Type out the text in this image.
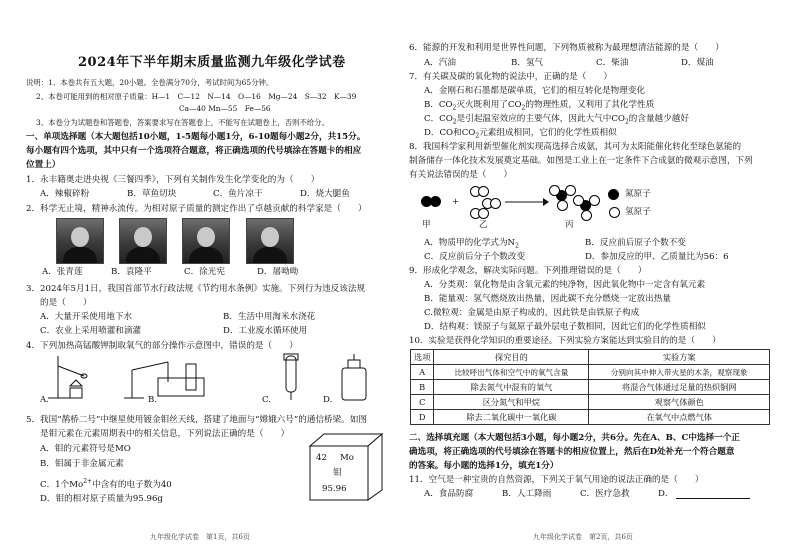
2024年下半年期末质量监测九年级化学试卷
说明：1、本卷共有五大题，20小题。全卷满分70分，考试时间为65分钟。
2、本卷可能用到的相对原子质量：H—1　C—12　N—14　O—16　Mg—24　S—32　K—39
Ca—40 Mn—55　Fe—56
3、本卷分为试题卷和答题卷，答案要求写在答题卷上，不能写在试题卷上，否则不给分。
一、单项选择题（本大题包括10小题，1-5题每小题1分，6-10题每小题2分，共15分。
每小题有四个选项，其中只有一个选项符合题意，将正确选项的代号填涂在答题卡的相应
位置上）
1．永丰籍奥走进央视《三餐四季》，下列有关制作发生化学变化的为（　　）
A．辣椒碎粉	B．草鱼切块	C．鱼片凉干	D．烧大腿鱼
2．科学无止境，精神永流传。为相对原子质量的测定作出了卓越贡献的科学家是（　　）
A．张青莲	B．袁隆平	C．徐光宪	D．屠呦呦
3．2024年5月1日，我国首部节水行政法规《节约用水条例》实施。下列行为违反该法规
的是（　　）
A．大量开采使用地下水	B．生活中用淘米水浇花
C．农业上采用喷灌和滴灌	D．工业废水循环使用
4．下列加热高锰酸钾制取氧气的部分操作示意图中，错误的是（　　）
A.	B.	C.	D.
5．我国“鹊桥二号”中继星使用镀金钼丝天线，搭建了地面与“嫦娥六号”的通信桥梁。如图
是钼元素在元素周期表中的相关信息，下列说法正确的是（　　）
A．钼的元素符号是MO
B．钼属于非金属元素
C．1个$Mo^{2+}$中含有的电子数为40
D．钼的相对原子质量为95.96g
42 Mo
钼
95.96
九年级化学试卷　第1页，共6页
6．能源的开发和利用是世界性问题，下列物质被称为最理想清洁能源的是（　　）
A．汽油	B．氢气	C．柴油	D．煤油
7．有关碳及碳的氧化物的说法中，正确的是（　　）
A．金刚石和石墨都是碳单质，它们的相互转化是物理变化
B．$CO_2$灭火既利用了$CO_2$的物理性质，又利用了其化学性质
C．$CO_2$是引起温室效应的主要气体，因此大气中$CO_2$的含量越少越好
D．CO和$CO_2$元素组成相同，它们的化学性质相似
8．我国科学家利用新型催化剂实现高选择合成氨，其可为太阳能催化转化至绿色氨能的
制备储存一体化技术发展奠定基础。如图是工业上在一定条件下合成氨的微观示意图，下列
有关说法错误的是（　　）
+
氮原子
氢原子
甲	乙	丙
A．物质甲的化学式为$N_2$	B．反应前后原子个数不变
C．反应前后分子个数改变	D．参加反应的甲、乙质量比为56：6
9．形成化学观念，解决实际问题。下列推理错误的是（　　）
A．分类观：氧化物是由含氧元素的纯净物，因此氧化物中一定含有氧元素
B．能量观：氢气燃烧放出热量，因此碳不充分燃烧一定放出热量
C.微粒观：金属是由原子构成的，因此铁是由铁原子构成
D．结构观：镁原子与氦原子最外层电子数相同，因此它们的化学性质相似
10．实验是获得化学知识的重要途径。下列实验方案能达到实验目的的是（　　）
选项	探究目的	实验方案
A	比较呼出气体和空气中的氧气含量	分别向其中伸入带火星的木条，观察现象
B	除去氮气中混有的氧气	将混合气体通过足量的热炽铜网
C	区分氮气和甲烷	观察气体颜色
D	除去二氧化碳中一氧化碳	在氧气中点燃气体
二、选择填充题（本大题包括3小题，每小题2分，共6分。先在A、B、C中选择一个正
确选项，将正确选项的代号填涂在答题卡的相应位置上，然后在D处补充一个符合题意
的答案。每小题的选择1分，填充1分）
11．空气是一种宝贵的自然资源，下列关于氧气用途的说法正确的是（　　）
A．食品防腐	B．人工降雨	C．医疗急救	D．
九年级化学试卷　第2页，共6页
